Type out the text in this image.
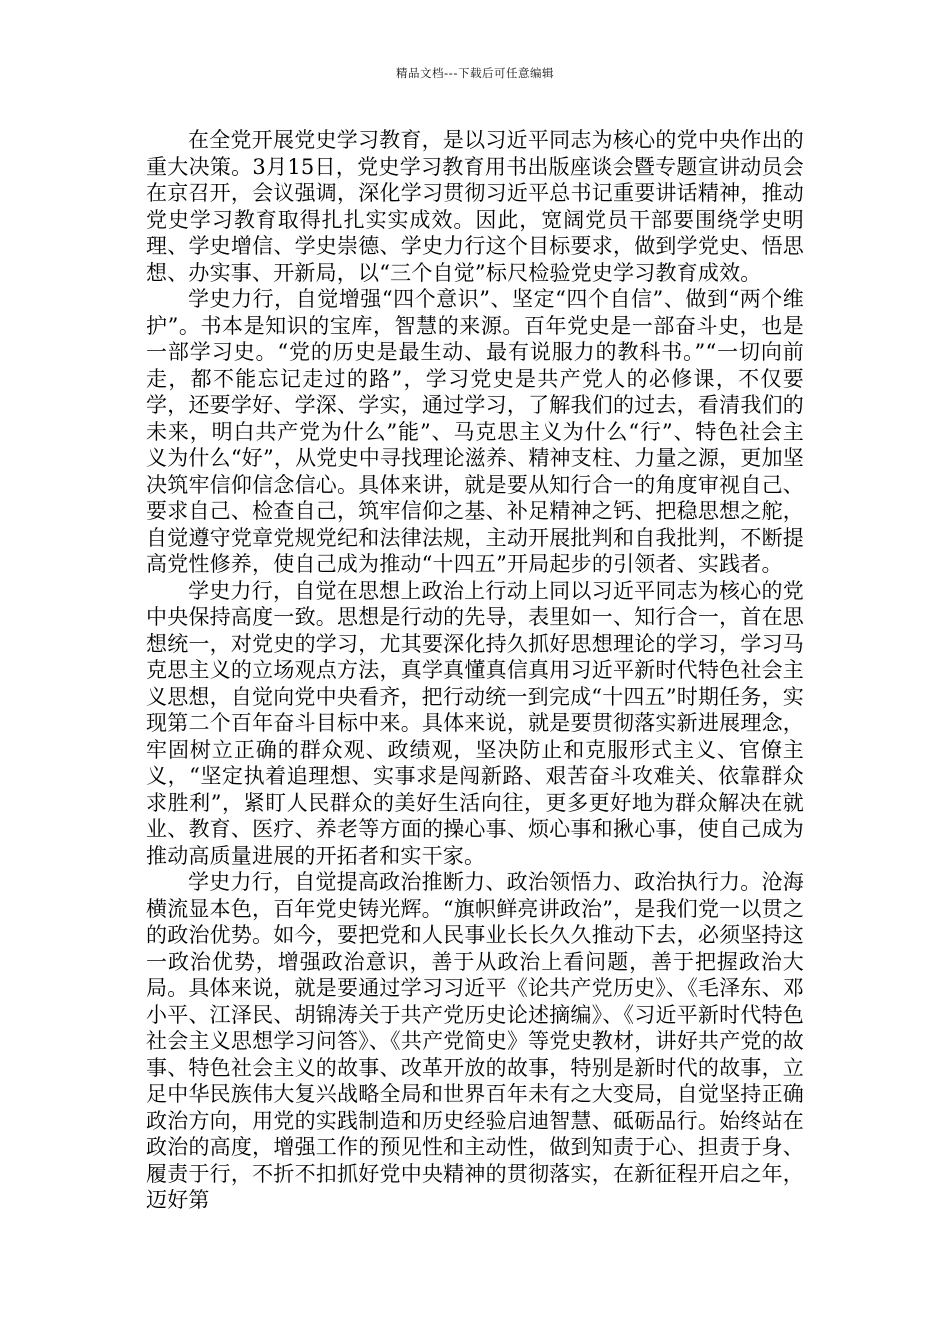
精品文档---下载后可任意编辑

在全党开展党史学习教育，是以习近平同志为核心的党中央作出的重大决策。3月15日，党史学习教育用书出版座谈会暨专题宣讲动员会在京召开，会议强调，深化学习贯彻习近平总书记重要讲话精神，推动党史学习教育取得扎扎实实成效。因此，宽阔党员干部要围绕学史明理、学史增信、学史崇德、学史力行这个目标要求，做到学党史、悟思想、办实事、开新局，以“三个自觉”标尺检验党史学习教育成效。

学史力行，自觉增强“四个意识”、坚定“四个自信”、做到“两个维护”。书本是知识的宝库，智慧的来源。百年党史是一部奋斗史，也是一部学习史。“党的历史是最生动、最有说服力的教科书。”“一切向前走，都不能忘记走过的路”，学习党史是共产党人的必修课，不仅要学，还要学好、学深、学实，通过学习，了解我们的过去，看清我们的未来，明白共产党为什么”能”、马克思主义为什么“行”、特色社会主义为什么“好”，从党史中寻找理论滋养、精神支柱、力量之源，更加坚决筑牢信仰信念信心。具体来讲，就是要从知行合一的角度审视自己、要求自己、检查自己，筑牢信仰之基、补足精神之钙、把稳思想之舵，自觉遵守党章党规党纪和法律法规，主动开展批判和自我批判，不断提高党性修养，使自己成为推动“十四五”开局起步的引领者、实践者。

学史力行，自觉在思想上政治上行动上同以习近平同志为核心的党中央保持高度一致。思想是行动的先导，表里如一、知行合一，首在思想统一，对党史的学习，尤其要深化持久抓好思想理论的学习，学习马克思主义的立场观点方法，真学真懂真信真用习近平新时代特色社会主义思想，自觉向党中央看齐，把行动统一到完成“十四五”时期任务，实现第二个百年奋斗目标中来。具体来说，就是要贯彻落实新进展理念，牢固树立正确的群众观、政绩观，坚决防止和克服形式主义、官僚主义，“坚定执着追理想、实事求是闯新路、艰苦奋斗攻难关、依靠群众求胜利”，紧盯人民群众的美好生活向往，更多更好地为群众解决在就业、教育、医疗、养老等方面的操心事、烦心事和揪心事，使自己成为推动高质量进展的开拓者和实干家。

学史力行，自觉提高政治推断力、政治领悟力、政治执行力。沧海横流显本色，百年党史铸光辉。“旗帜鲜亮讲政治”，是我们党一以贯之的政治优势。如今，要把党和人民事业长长久久推动下去，必须坚持这一政治优势，增强政治意识，善于从政治上看问题，善于把握政治大局。具体来说，就是要通过学习习近平《论共产党历史》、《毛泽东、邓小平、江泽民、胡锦涛关于共产党历史论述摘编》、《习近平新时代特色社会主义思想学习问答》、《共产党简史》等党史教材，讲好共产党的故事、特色社会主义的故事、改革开放的故事，特别是新时代的故事，立足中华民族伟大复兴战略全局和世界百年未有之大变局，自觉坚持正确政治方向，用党的实践制造和历史经验启迪智慧、砥砺品行。始终站在政治的高度，增强工作的预见性和主动性，做到知责于心、担责于身、履责于行，不折不扣抓好党中央精神的贯彻落实，在新征程开启之年，迈好第
